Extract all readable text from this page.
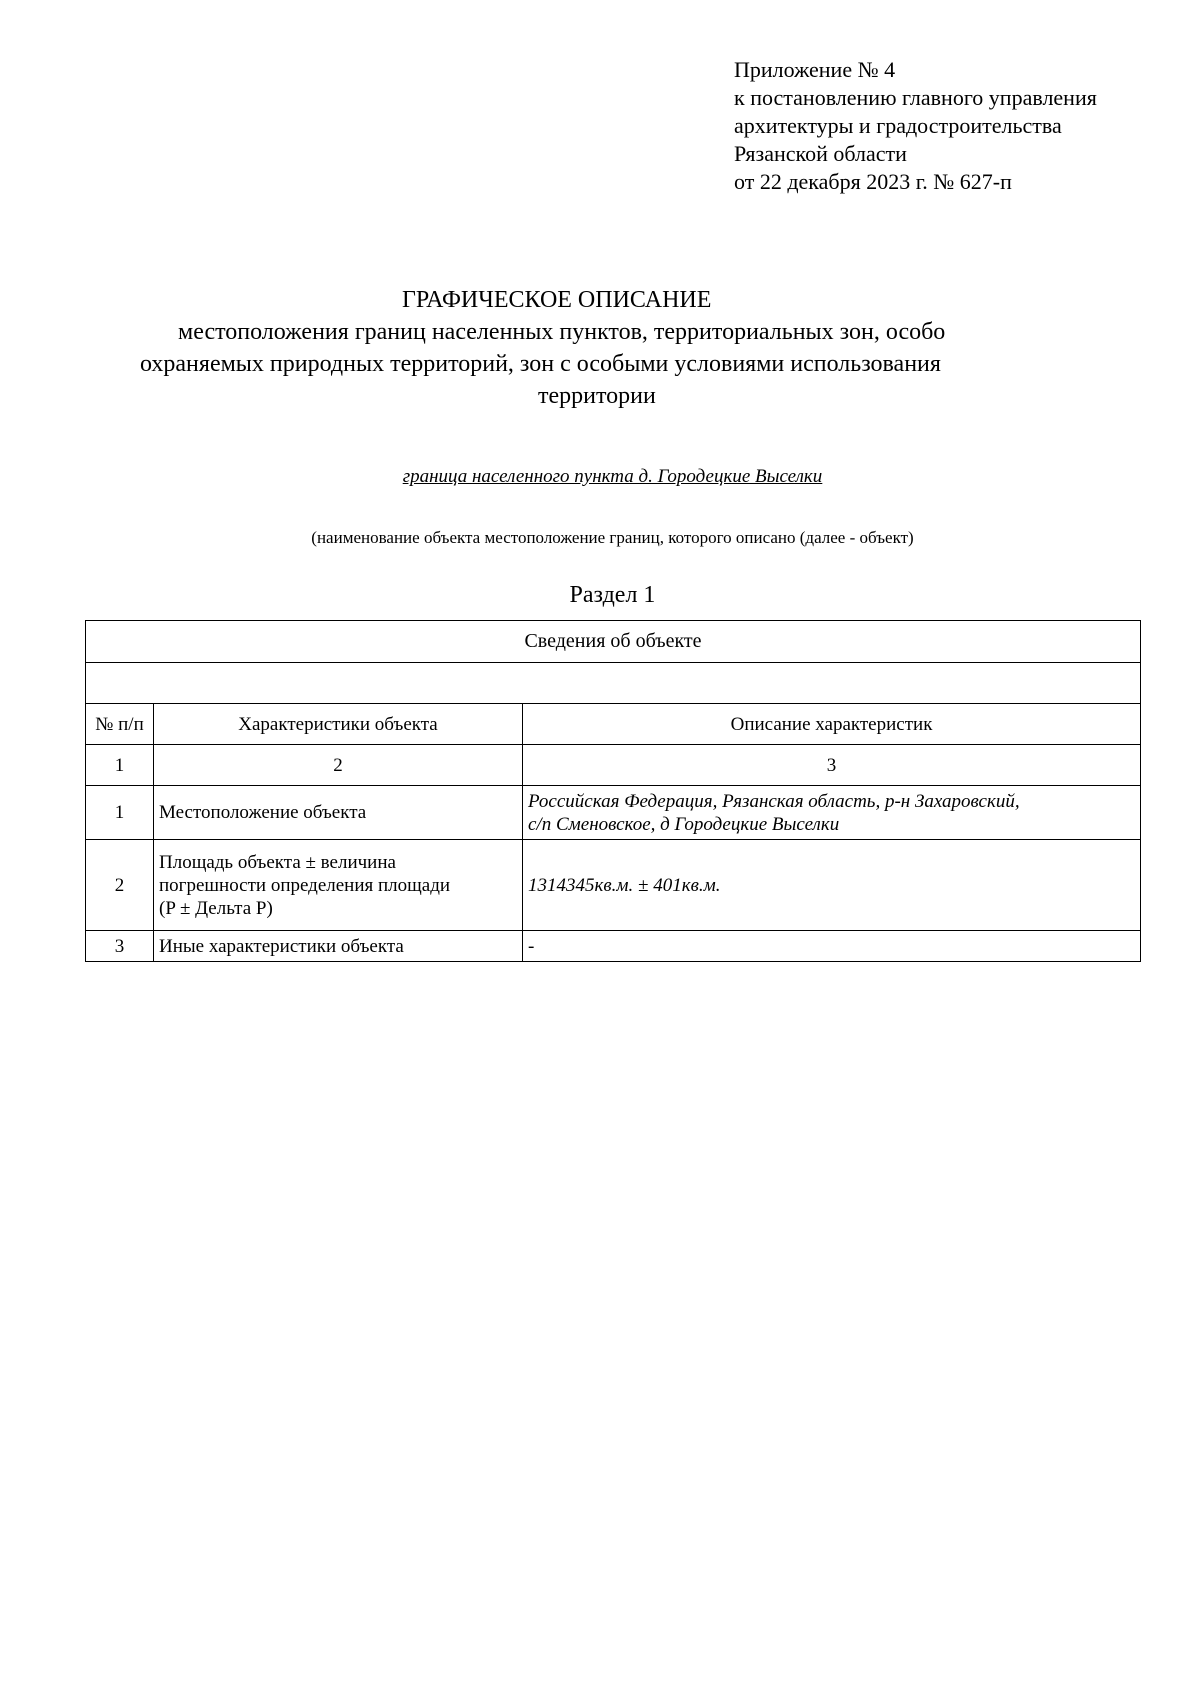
Приложение № 4
к постановлению главного управления
архитектуры и градостроительства
Рязанской области
от 22 декабря 2023 г. № 627-п
ГРАФИЧЕСКОЕ ОПИСАНИЕ
местоположения границ населенных пунктов, территориальных зон, особо
охраняемых природных территорий, зон с особыми условиями использования
территории
граница населенного пункта д. Городецкие Выселки
(наименование объекта местоположение границ, которого описано (далее - объект)
Раздел 1
Сведения об объекте		

№ п/п	Характеристики объекта	Описание характеристик
1	2	3
1	Местоположение объекта	Российская Федерация, Рязанская область, р-н Захаровский,
с/п Сменовское, д Городецкие Выселки

2	Площадь объекта ± величина
погрешности определения площади
(P ± Дельта P)	1314345кв.м. ± 401кв.м.
3	Иные характеристики объекта	-
